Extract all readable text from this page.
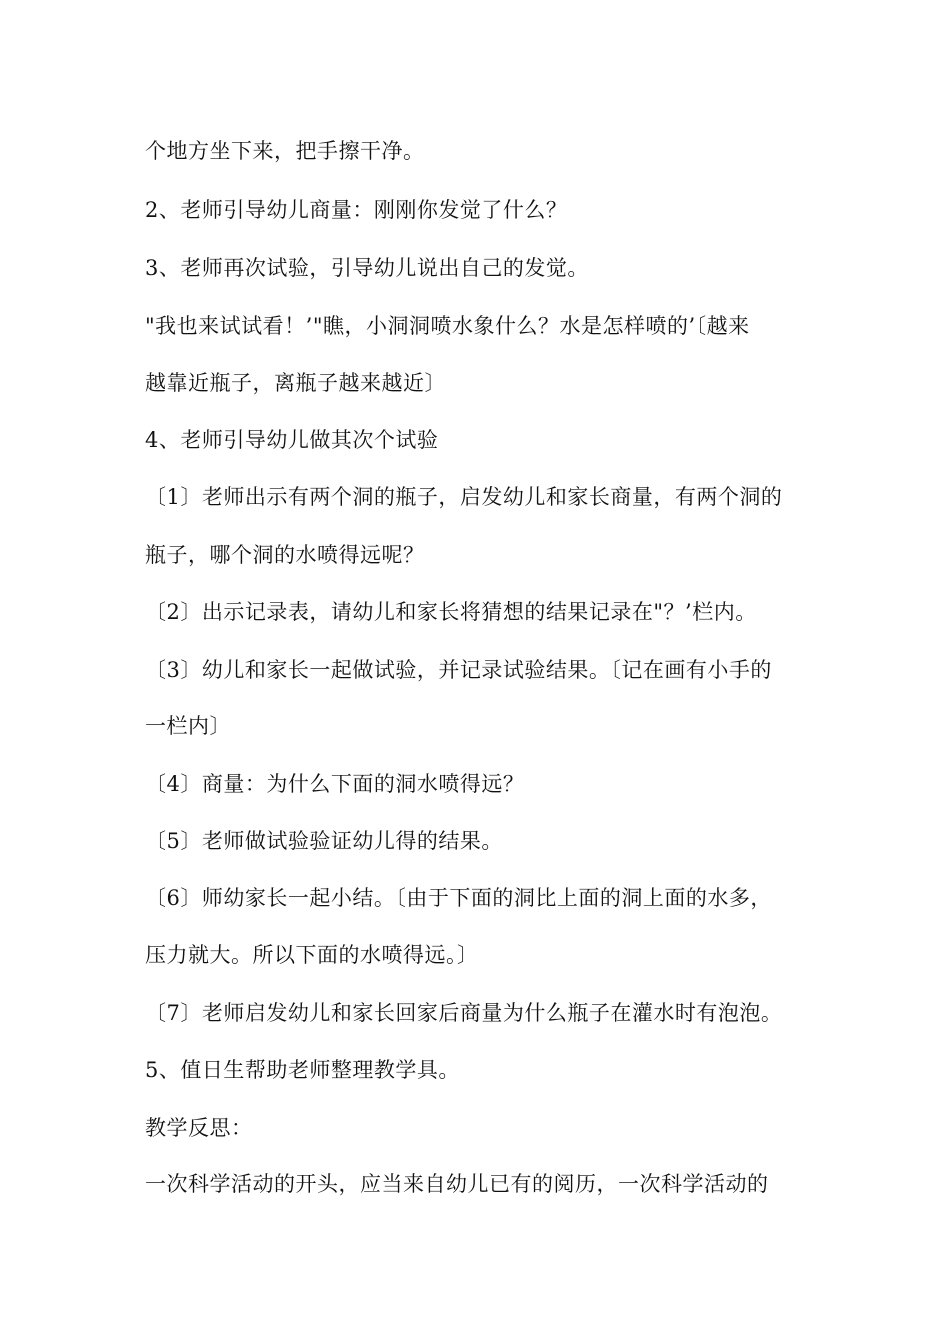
个地方坐下来，把手擦干净。
2、老师引导幼儿商量：刚刚你发觉了什么？
3、老师再次试验，引导幼儿说出自己的发觉。
"我也来试试看！’"瞧，小洞洞喷水象什么？水是怎样喷的’〔越来
越靠近瓶子，离瓶子越来越近〕
4、老师引导幼儿做其次个试验
〔1〕老师出示有两个洞的瓶子，启发幼儿和家长商量，有两个洞的
瓶子，哪个洞的水喷得远呢？
〔2〕出示记录表，请幼儿和家长将猜想的结果记录在"？’栏内。
〔3〕幼儿和家长一起做试验，并记录试验结果。〔记在画有小手的
一栏内〕
〔4〕商量：为什么下面的洞水喷得远？
〔5〕老师做试验验证幼儿得的结果。
〔6〕师幼家长一起小结。〔由于下面的洞比上面的洞上面的水多，
压力就大。所以下面的水喷得远。〕
〔7〕老师启发幼儿和家长回家后商量为什么瓶子在灌水时有泡泡。
5、值日生帮助老师整理教学具。
教学反思：
一次科学活动的开头，应当来自幼儿已有的阅历，一次科学活动的
